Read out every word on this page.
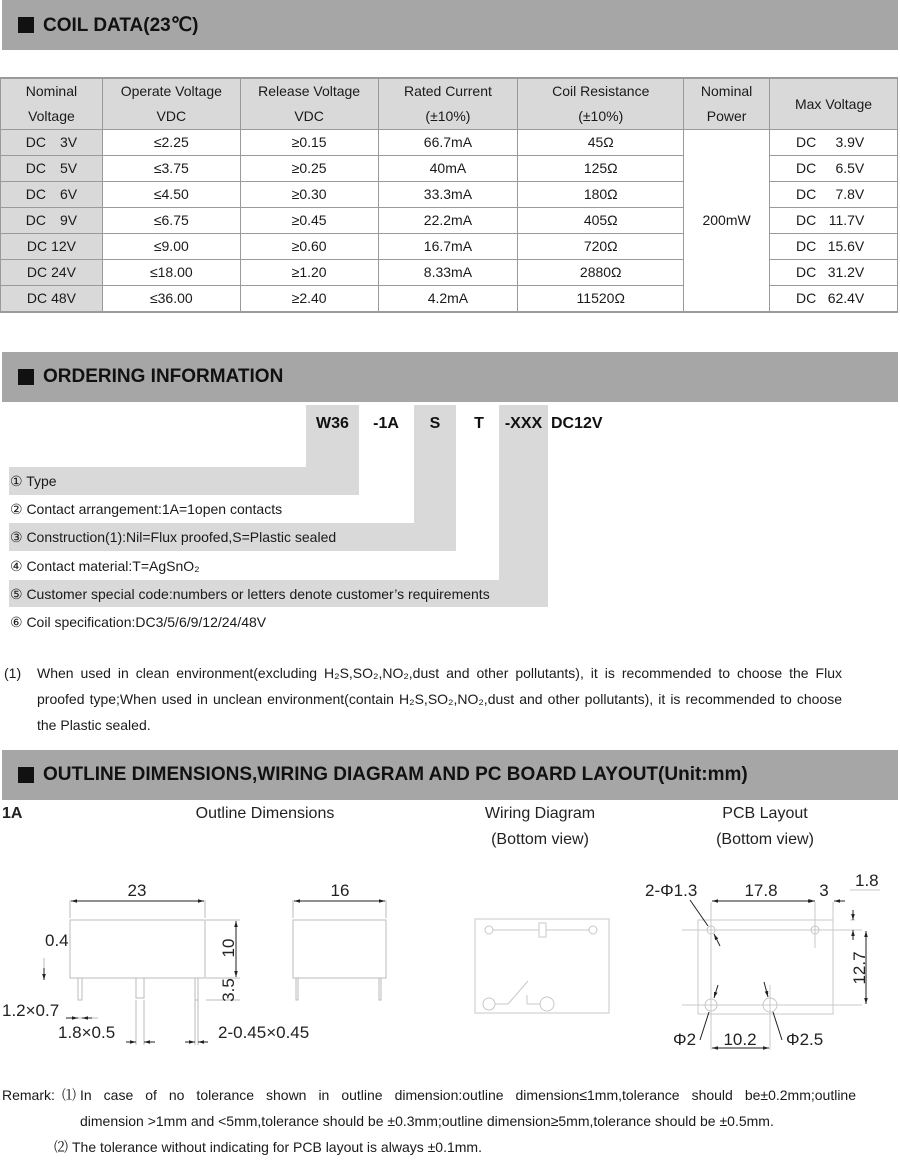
COIL DATA(23℃)
Nominal	Operate Voltage	Release Voltage	Rated Current	Coil Resistance	Nominal	Max Voltage
Voltage	VDC	VDC	(±10%)	(±10%)	Power	
DC 3V	≤2.25	≥0.15	66.7mA	45Ω	200mW	DC 3.9V
DC 5V	≤3.75	≥0.25	40mA	125Ω		DC 6.5V
DC 6V	≤4.50	≥0.30	33.3mA	180Ω		DC 7.8V
DC 9V	≤6.75	≥0.45	22.2mA	405Ω		DC 11.7V
DC 12V	≤9.00	≥0.60	16.7mA	720Ω		DC 15.6V
DC 24V	≤18.00	≥1.20	8.33mA	2880Ω		DC 31.2V
DC 48V	≤36.00	≥2.40	4.2mA	11520Ω		DC 62.4V
ORDERING INFORMATION
W36	-1A	S	T	-XXX DC12V
① Type
② Contact arrangement:1A=1open contacts
③ Construction(1):Nil=Flux proofed,S=Plastic sealed
④ Contact material:T=AgSnO₂
⑤ Customer special code:numbers or letters denote customer’s requirements
⑥ Coil specification:DC3/5/6/9/12/24/48V
(1) When used in clean environment(excluding H₂S,SO₂,NO₂,dust and other pollutants), it is recommended to choose the Flux proofed type;When used in unclean environment(contain H₂S,SO₂,NO₂,dust and other pollutants), it is recommended to choose the Plastic sealed.
OUTLINE DIMENSIONS,WIRING DIAGRAM AND PC BOARD LAYOUT(Unit:mm)
1A	Outline Dimensions	Wiring Diagram
(Bottom view)
PCB Layout
(Bottom view)
23	16
10
3.5
0.4
1.2×0.7
1.8×0.5	2-0.45×0.45
2-Φ1.3	17.8 3
1.8
12.7
Φ2 10.2 Φ2.5
Remark: ⑴ In case of no tolerance shown in outline dimension:outline dimension≤1mm,tolerance should be±0.2mm;outline
dimension >1mm and <5mm,tolerance should be ±0.3mm;outline dimension≥5mm,tolerance should be ±0.5mm.
⑵ The tolerance without indicating for PCB layout is always ±0.1mm.
